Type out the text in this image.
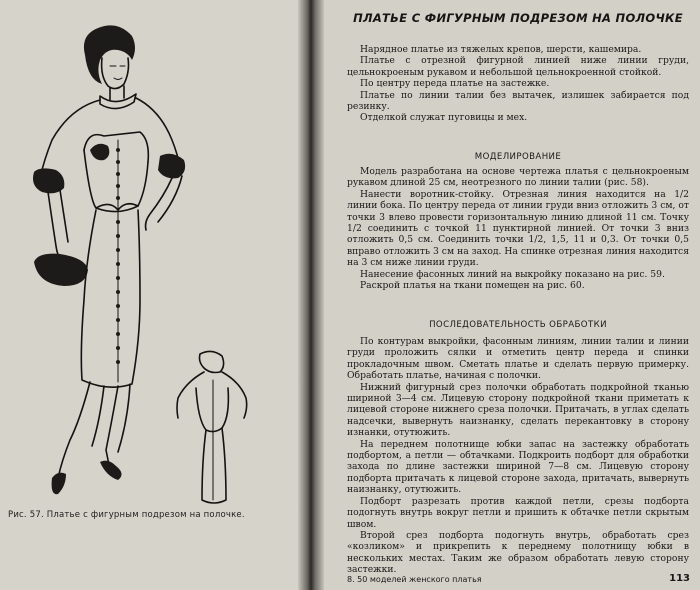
Рис. 57. Платье с фигурным подрезом на полочке.
ПЛАТЬЕ С ФИГУРНЫМ ПОДРЕЗОМ НА ПОЛОЧКЕ

Нарядное платье из тяжелых крепов, шерсти, кашемира.

Платье с отрезной фигурной линией ниже линии груди, цельнокроеным рукавом и небольшой цельнокроенной стойкой.

По центру переда платье на застежке.

Платье по линии талии без вытачек, излишек забирается под резинку.

Отделкой служат пуговицы и мех.

МОДЕЛИРОВАНИЕ

Модель разработана на основе чертежа платья с цельнокроеным рукавом длиной 25 см, неотрезного по линии талии (рис. 58).

Нанести воротник-стойку. Отрезная линия находится на 1/2 линии бока. По центру переда от линии груди вниз отложить 3 см, от точки 3 влево провести горизонтальную линию длиной 11 см. Точку 1/2 соединить с точкой 11 пунктирной линией. От точки 3 вниз отложить 0,5 см. Соединить точки 1/2, 1,5, 11 и 0,3. От точки 0,5 вправо отложить 3 см на заход. На спинке отрезная линия находится на 3 см ниже линии груди.

Нанесение фасонных линий на выкройку показано на рис. 59.

Раскрой платья на ткани помещен на рис. 60.

ПОСЛЕДОВАТЕЛЬНОСТЬ ОБРАБОТКИ

По контурам выкройки, фасонным линиям, линии талии и линии груди проложить сялки и отметить центр переда и спинки прокладочным швом. Сметать платье и сделать первую примерку. Обработать платье, начиная с полочки.

Нижний фигурный срез полочки обработать подкройной тканью шириной 3—4 см. Лицевую сторону подкройной ткани приметать к лицевой стороне нижнего среза полочки. Притачать, в углах сделать надсечки, вывернуть наизнанку, сделать перекантовку в сторону изнанки, отутюжить.

На переднем полотнище юбки запас на застежку обработать подбортом, а петли — обтачками. Подкроить подборт для обработки захода по длине застежки шириной 7—8 см. Лицевую сторону подборта притачать к лицевой стороне захода, притачать, вывернуть наизнанку, отутюжить.

Подборт разрезать против каждой петли, срезы подборта подогнуть внутрь вокруг петли и пришить к обтачке петли скрытым швом.

Второй срез подборта подогнуть внутрь, обработать срез «козликом» и прикрепить к переднему полотнищу юбки в нескольких местах. Таким же образом обработать левую сторону застежки.

8. 50 моделей женского платья	113
